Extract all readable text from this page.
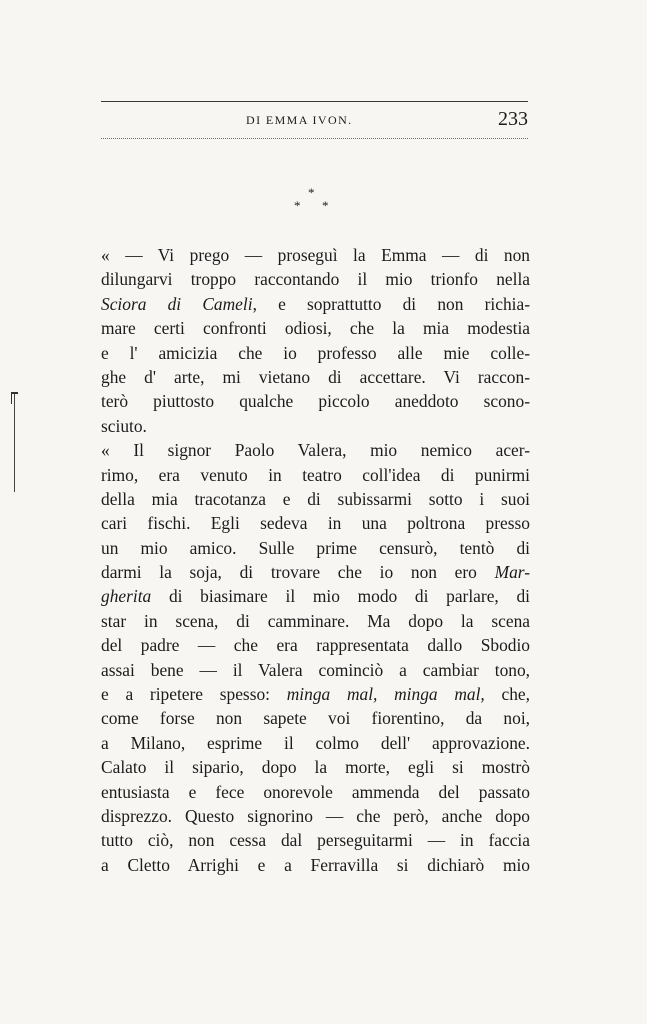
DI EMMA IVON.	233
*
* *
« — Vi prego — proseguì la Emma — di non
dilungarvi troppo raccontando il mio trionfo nella
Sciora di Cameli, e soprattutto di non richia-
mare certi confronti odiosi, che la mia modestia
e l' amicizia che io professo alle mie colle-
ghe d' arte, mi vietano di accettare. Vi raccon-
terò piuttosto qualche piccolo aneddoto scono-
sciuto.
« Il signor Paolo Valera, mio nemico acer-
rimo, era venuto in teatro coll'idea di punirmi
della mia tracotanza e di subissarmi sotto i suoi
cari fischi. Egli sedeva in una poltrona presso
un mio amico. Sulle prime censurò, tentò di
darmi la soja, di trovare che io non ero Mar-
gherita di biasimare il mio modo di parlare, di
star in scena, di camminare. Ma dopo la scena
del padre — che era rappresentata dallo Sbodio
assai bene — il Valera cominciò a cambiar tono,
e a ripetere spesso: minga mal, minga mal, che,
come forse non sapete voi fiorentino, da noi,
a Milano, esprime il colmo dell' approvazione.
Calato il sipario, dopo la morte, egli si mostrò
entusiasta e fece onorevole ammenda del passato
disprezzo. Questo signorino — che però, anche dopo
tutto ciò, non cessa dal perseguitarmi — in faccia
a Cletto Arrighi e a Ferravilla si dichiarò mio
